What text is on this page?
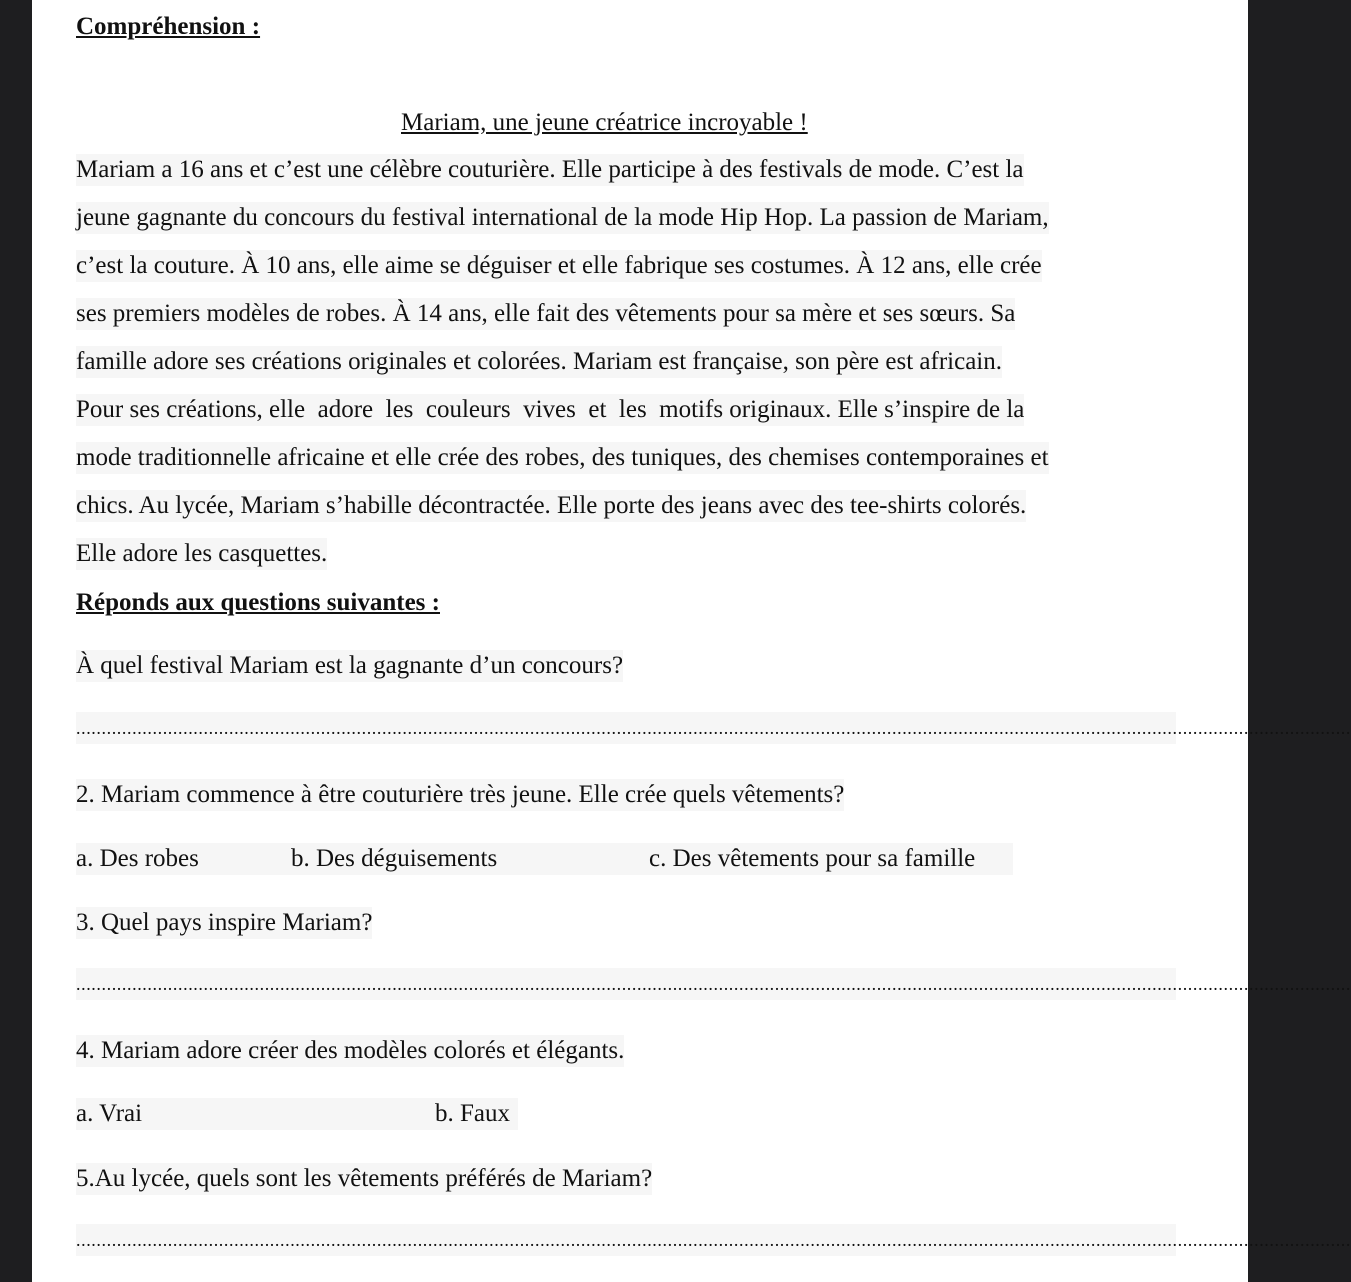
Compréhension :
Mariam, une jeune créatrice incroyable !
Mariam a 16 ans et c’est une célèbre couturière. Elle participe à des festivals de mode. C’est la
jeune gagnante du concours du festival international de la mode Hip Hop. La passion de Mariam,
c’est la couture. À 10 ans, elle aime se déguiser et elle fabrique ses costumes. À 12 ans, elle crée
ses premiers modèles de robes. À 14 ans, elle fait des vêtements pour sa mère et ses sœurs. Sa
famille adore ses créations originales et colorées. Mariam est française, son père est africain.
Pour ses créations, elle  adore  les  couleurs  vives  et  les  motifs originaux. Elle s’inspire de la
mode traditionnelle africaine et elle crée des robes, des tuniques, des chemises contemporaines et
chics. Au lycée, Mariam s’habille décontractée. Elle porte des jeans avec des tee-shirts colorés.
Elle adore les casquettes.
Réponds aux questions suivantes :
À quel festival Mariam est la gagnante d’un concours?
..........................................................................................................................................................................................................................................................
2. Mariam commence à être couturière très jeune. Elle crée quels vêtements?
a. Des robes	b. Des déguisements	c. Des vêtements pour sa famille
3. Quel pays inspire Mariam?
..........................................................................................................................................................................................................................................................
4. Mariam adore créer des modèles colorés et élégants.
a. Vrai	b. Faux
5.Au lycée, quels sont les vêtements préférés de Mariam?
..........................................................................................................................................................................................................................................................
